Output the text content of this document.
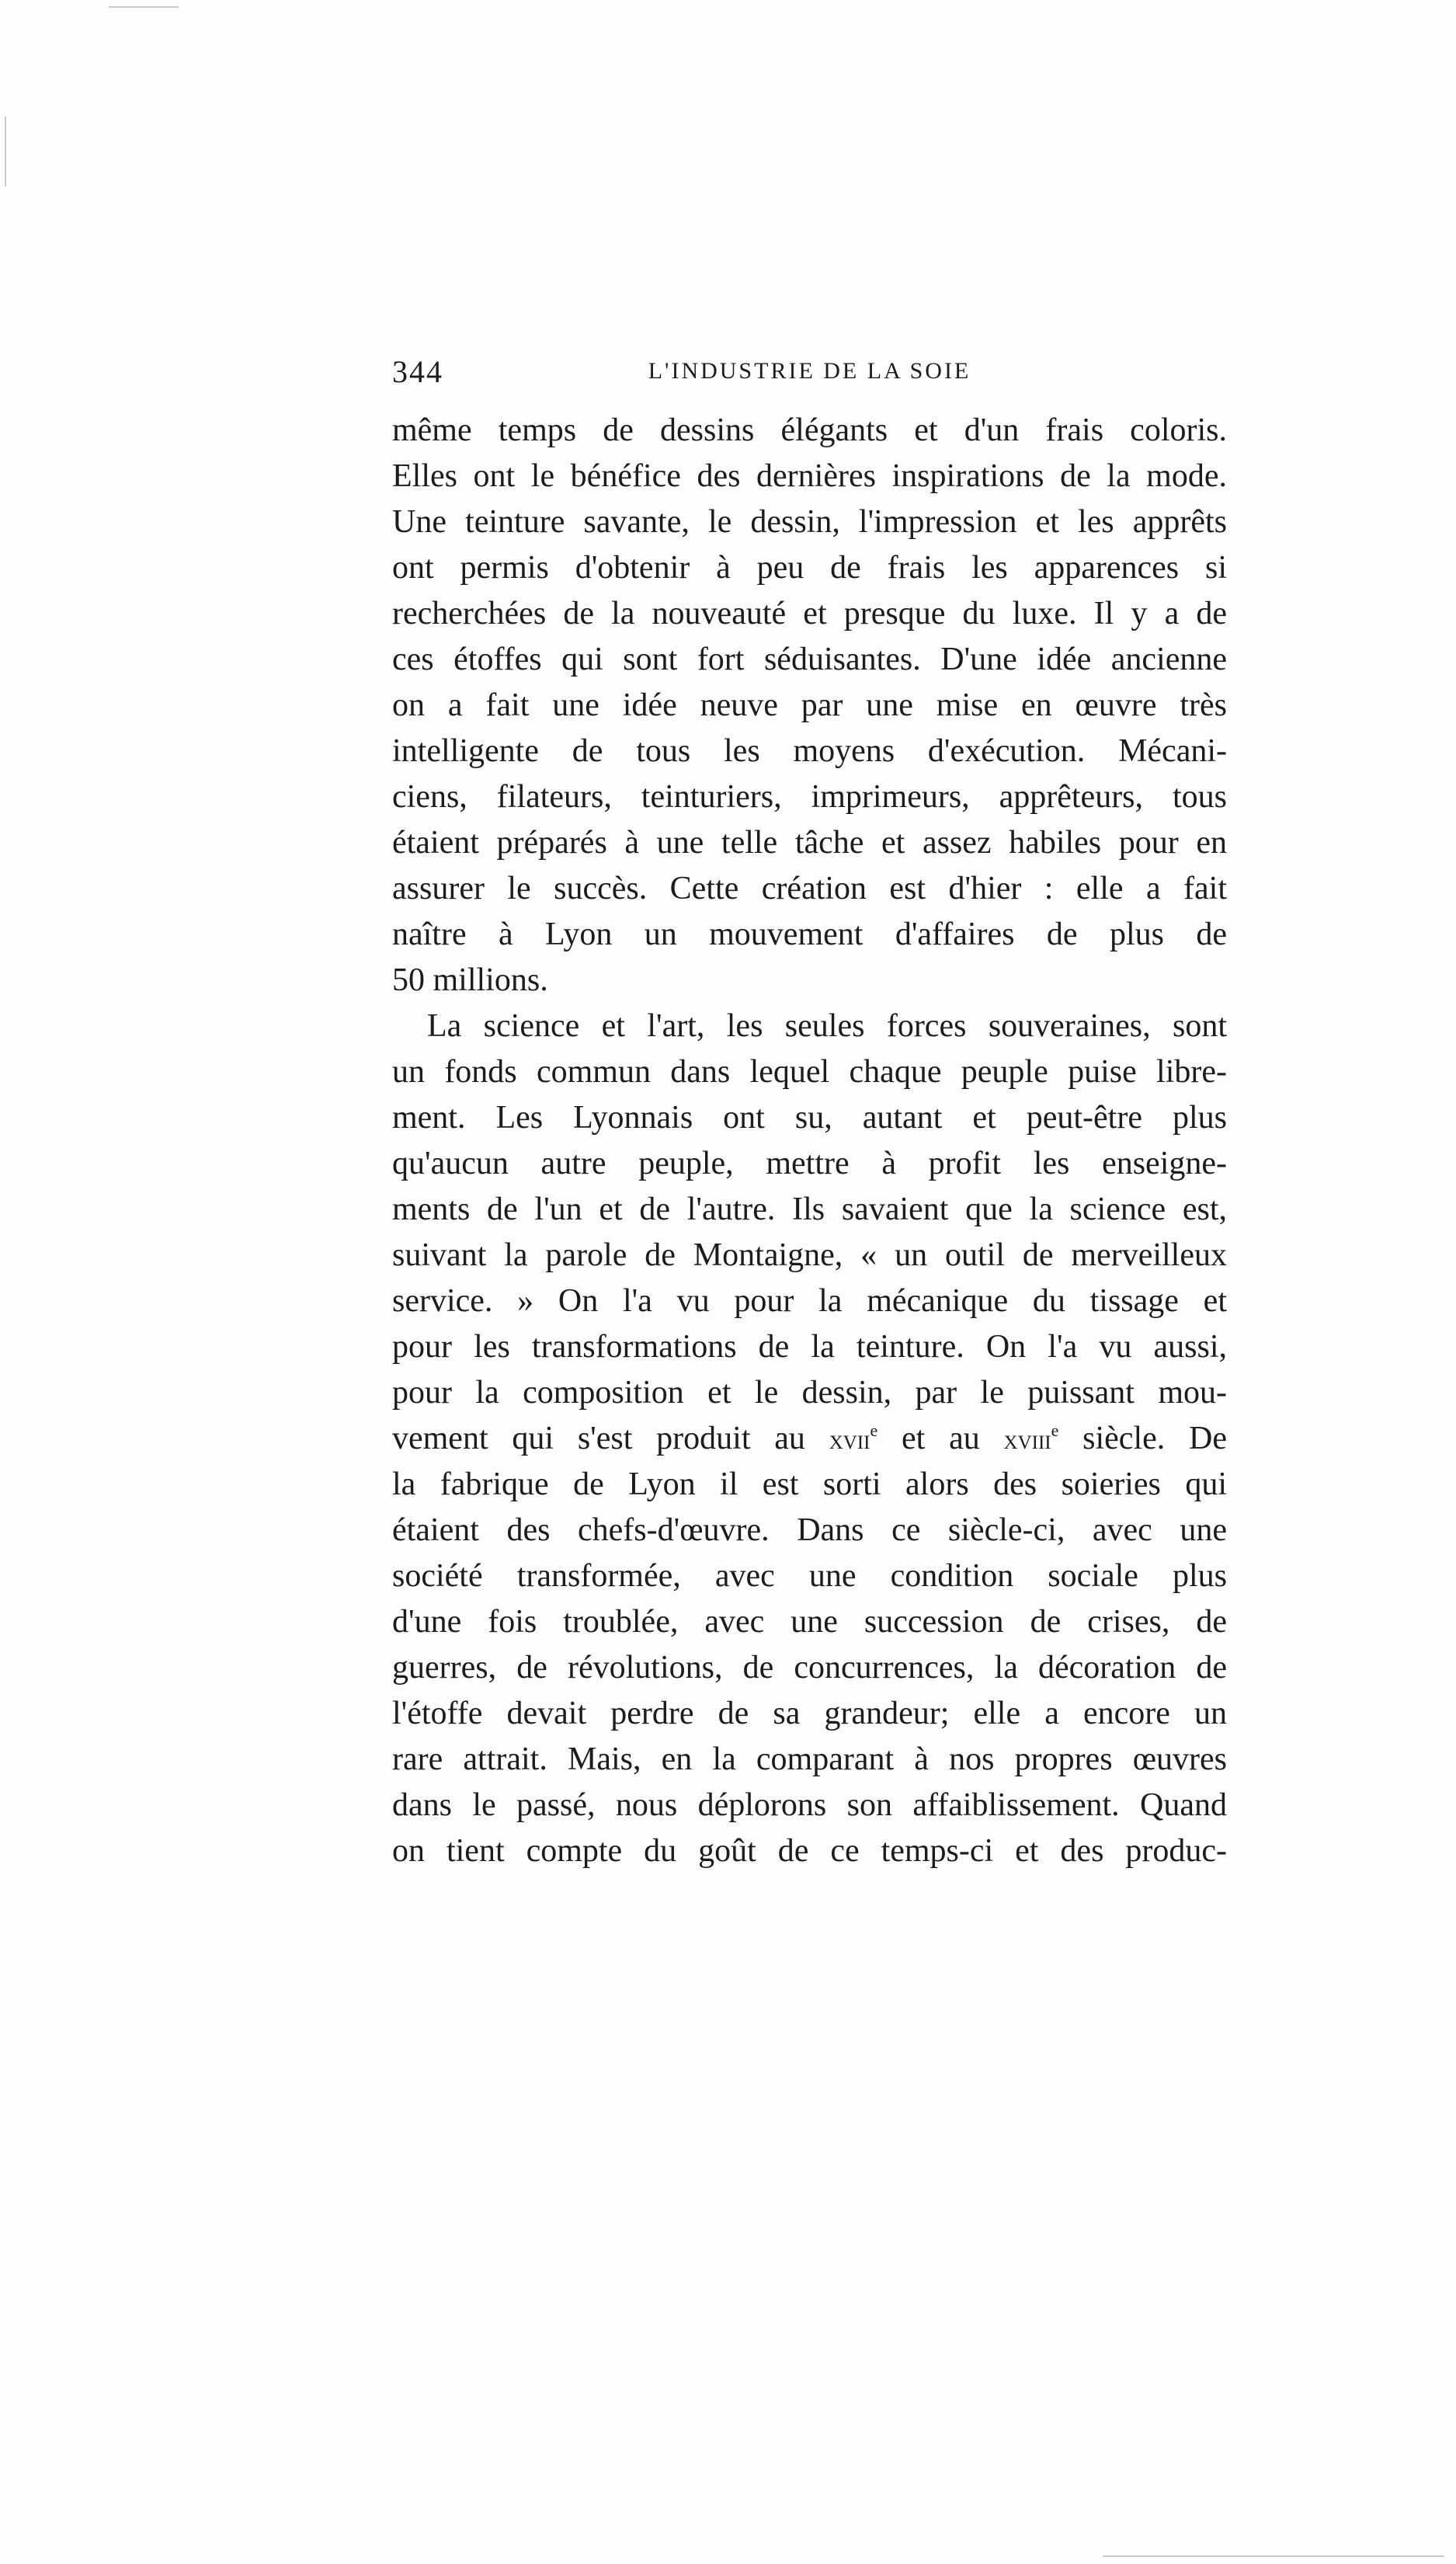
344	L'INDUSTRIE DE LA SOIE
même temps de dessins élégants et d'un frais coloris.
Elles ont le bénéfice des dernières inspirations de la mode.
Une teinture savante, le dessin, l'impression et les apprêts
ont permis d'obtenir à peu de frais les apparences si
recherchées de la nouveauté et presque du luxe. Il y a de
ces étoffes qui sont fort séduisantes. D'une idée ancienne
on a fait une idée neuve par une mise en œuvre très
intelligente de tous les moyens d'exécution. Mécani-
ciens, filateurs, teinturiers, imprimeurs, apprêteurs, tous
étaient préparés à une telle tâche et assez habiles pour en
assurer le succès. Cette création est d'hier : elle a fait
naître à Lyon un mouvement d'affaires de plus de
50 millions.
La science et l'art, les seules forces souveraines, sont
un fonds commun dans lequel chaque peuple puise libre-
ment. Les Lyonnais ont su, autant et peut-être plus
qu'aucun autre peuple, mettre à profit les enseigne-
ments de l'un et de l'autre. Ils savaient que la science est,
suivant la parole de Montaigne, « un outil de merveilleux
service. » On l'a vu pour la mécanique du tissage et
pour les transformations de la teinture. On l'a vu aussi,
pour la composition et le dessin, par le puissant mou-
vement qui s'est produit au xvii$^e$ et au xviii$^e$ siècle. De
la fabrique de Lyon il est sorti alors des soieries qui
étaient des chefs-d'œuvre. Dans ce siècle-ci, avec une
société transformée, avec une condition sociale plus
d'une fois troublée, avec une succession de crises, de
guerres, de révolutions, de concurrences, la décoration de
l'étoffe devait perdre de sa grandeur; elle a encore un
rare attrait. Mais, en la comparant à nos propres œuvres
dans le passé, nous déplorons son affaiblissement. Quand
on tient compte du goût de ce temps-ci et des produc-
